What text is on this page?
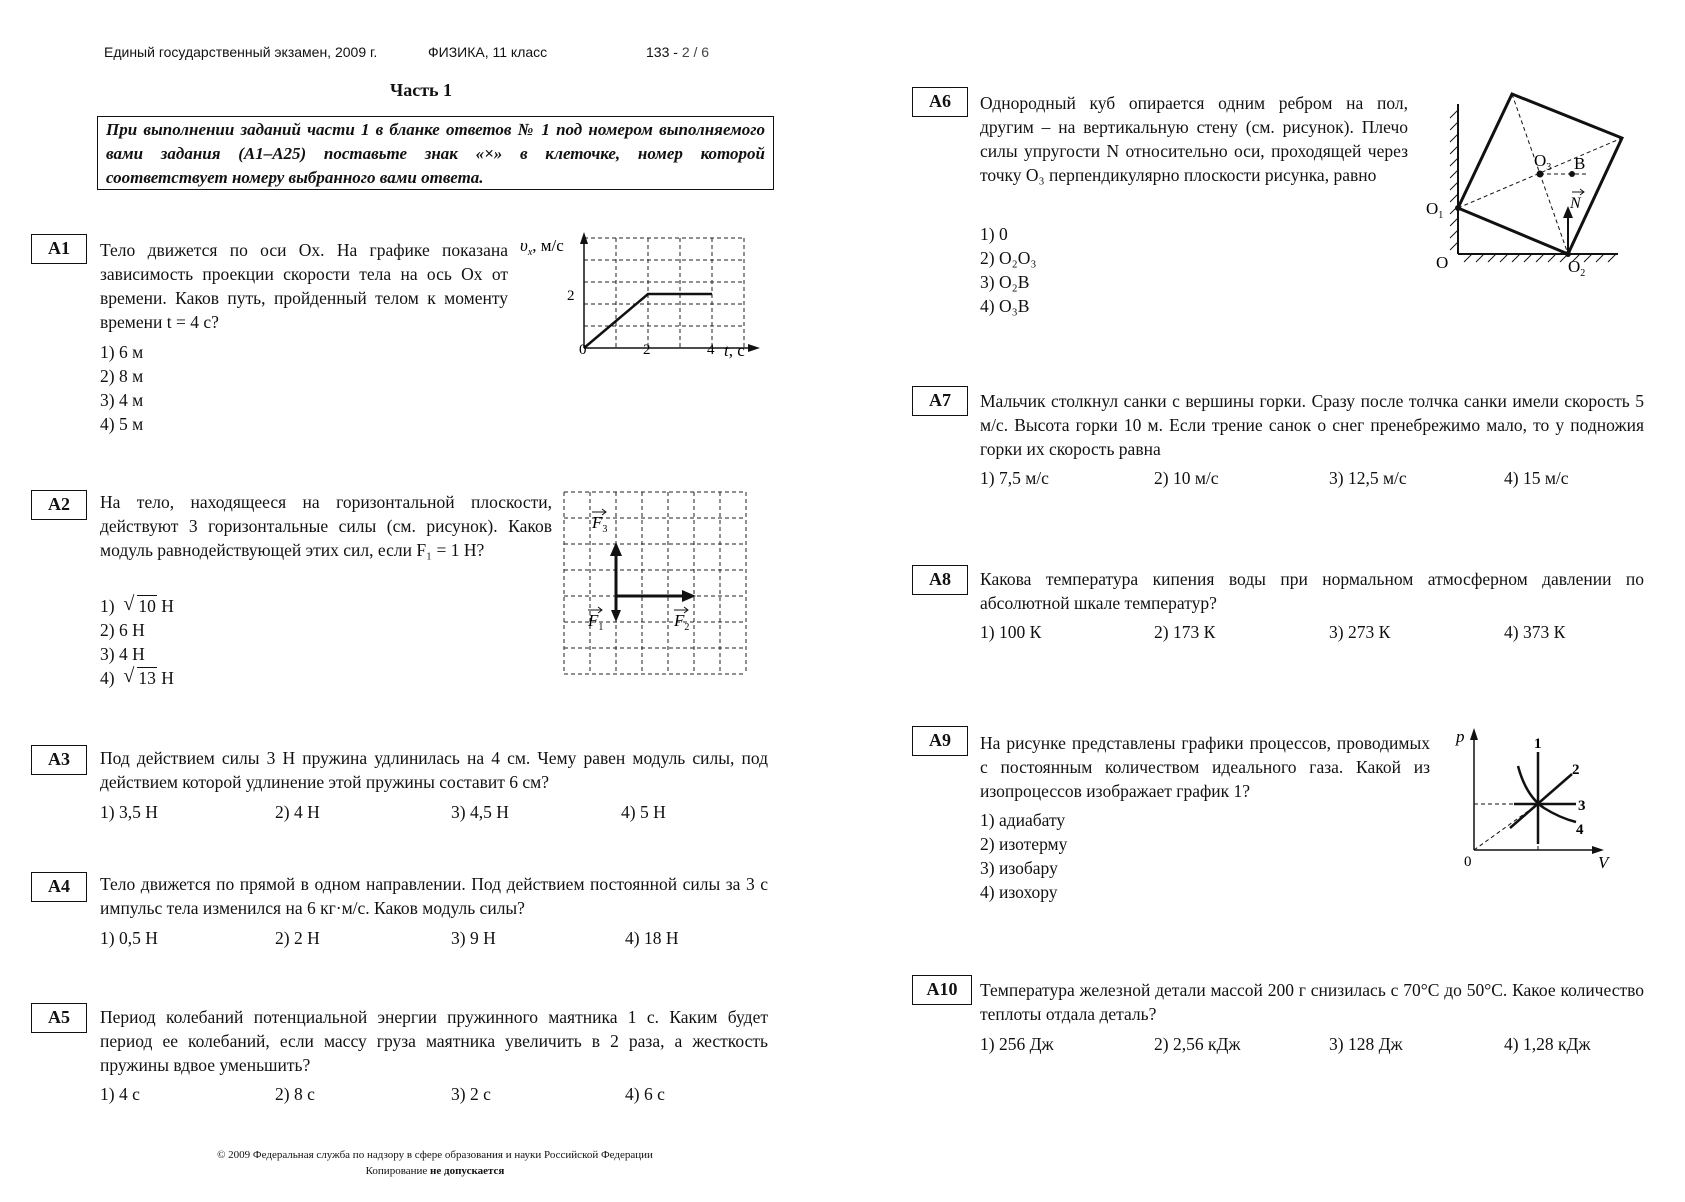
Единый государственный экзамен, 2009 г.	ФИЗИКА, 11 класс	133 - 2 / 6
Часть 1
При выполнении заданий части 1 в бланке ответов № 1 под номером выполняемого вами задания (А1–А25) поставьте знак «×» в клеточке, номер которой соответствует номеру выбранного вами ответа.
А1	Тело движется по оси Ox. На графике показана зависимость проекции скорости тела на ось Ox от времени. Каков путь, пройденный телом к моменту времени t = 4 с?
1) 6 м
2) 8 м
3) 4 м
4) 5 м
$\upsilon_x$, м/с
2
0	2	4 t, с
А2	На тело, находящееся на горизонтальной плоскости, действуют 3 горизонтальные силы (см. рисунок). Каков модуль равнодействующей этих сил, если F₁ = 1 Н?
1) √ 10 Н
2) 6 Н
3) 4 Н
4) √ 13 Н
$F_3$
$F_1$	$F_2$
А3	Под действием силы 3 Н пружина удлинилась на 4 см. Чему равен модуль силы, под действием которой удлинение этой пружины составит 6 см?
1) 3,5 Н	2) 4 Н	3) 4,5 Н	4) 5 Н
А4	Тело движется по прямой в одном направлении. Под действием постоянной силы за 3 с импульс тела изменился на 6 кг·м/с. Каков модуль силы?
1) 0,5 Н	2) 2 Н	3) 9 Н	4) 18 Н
А5	Период колебаний потенциальной энергии пружинного маятника 1 с. Каким будет период ее колебаний, если массу груза маятника увеличить в 2 раза, а жесткость пружины вдвое уменьшить?
1) 4 с	2) 8 с	3) 2 с	4) 6 с
© 2009 Федеральная служба по надзору в сфере образования и науки Российской Федерации
Копирование не допускается
А6	Однородный куб опирается одним ребром на пол, другим – на вертикальную стену (см. рисунок). Плечо силы упругости N относительно оси, проходящей через точку O₃ перпендикулярно плоскости рисунка, равно
1) 0
2) O₂O₃
3) O₂B
4) O₃B
$O_1$
O	$O_2$
$O_3$ B
N
А7	Мальчик столкнул санки с вершины горки. Сразу после толчка санки имели скорость 5 м/с. Высота горки 10 м. Если трение санок о снег пренебрежимо мало, то у подножия горки их скорость равна
1) 7,5 м/с	2) 10 м/с	3) 12,5 м/с	4) 15 м/с
А8	Какова температура кипения воды при нормальном атмосферном давлении по абсолютной шкале температур?
1) 100 К	2) 173 К	3) 273 К	4) 373 К
А9	На рисунке представлены графики процессов, проводимых с постоянным количеством идеального газа. Какой из изопроцессов изображает график 1?
1) адиабату
2) изотерму
3) изобару
4) изохору
p
V
0
1
2
3
4
А10	Температура железной детали массой 200 г снизилась с 70°С до 50°С. Какое количество теплоты отдала деталь?
1) 256 Дж	2) 2,56 кДж	3) 128 Дж	4) 1,28 кДж
